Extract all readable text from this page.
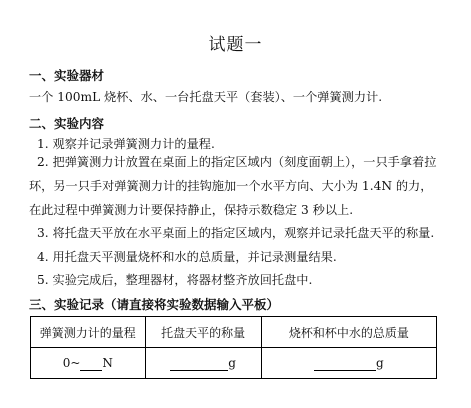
试题一
一、实验器材
一个 100mL 烧杯、水、一台托盘天平（套装）、一个弹簧测力计.
二、实验内容
1. 观察并记录弹簧测力计的量程.
2. 把弹簧测力计放置在桌面上的指定区域内（刻度面朝上），一只手拿着拉环，另一只手对弹簧测力计的挂钩施加一个水平方向、大小为 1.4N 的力，在此过程中弹簧测力计要保持静止，保持示数稳定 3 秒以上.
3. 将托盘天平放在水平桌面上的指定区域内，观察并记录托盘天平的称量.
4. 用托盘天平测量烧杯和水的总质量，并记录测量结果.
5. 实验完成后，整理器材，将器材整齐放回托盘中.
三、实验记录（请直接将实验数据输入平板）
弹簧测力计的量程	托盘天平的称量	烧杯和杯中水的总质量
0~ N	g	g
